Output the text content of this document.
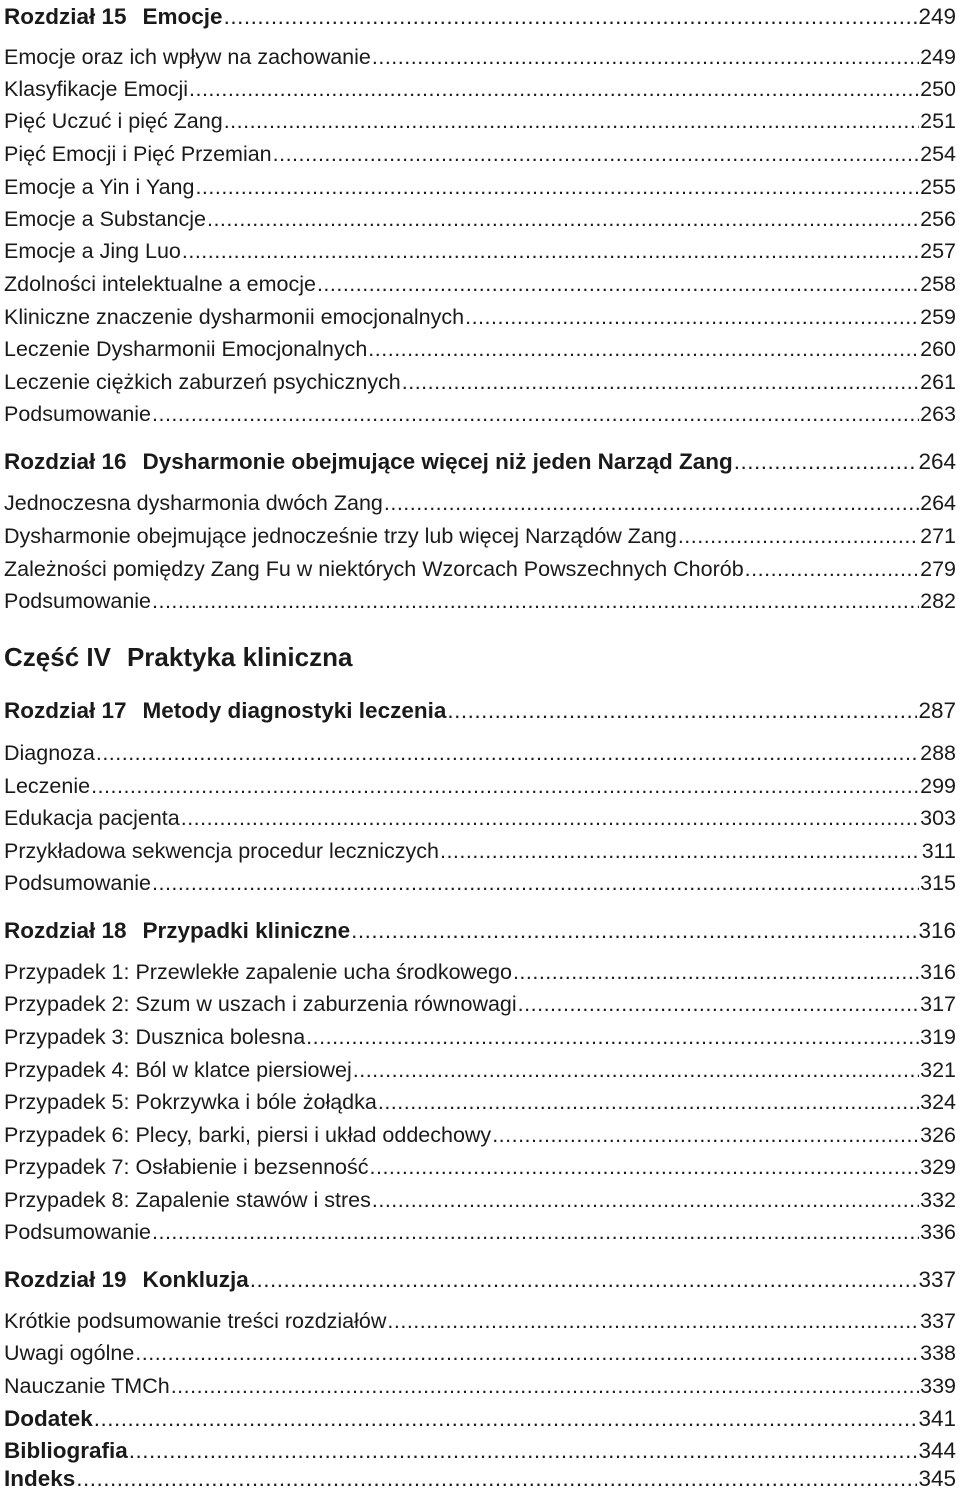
Rozdział 15 Emocje .....	249
Emocje oraz ich wpływ na zachowanie .....	249
Klasyfikacje Emocji .....	250
Pięć Uczuć i pięć Zang .....	251
Pięć Emocji i Pięć Przemian .....	254
Emocje a Yin i Yang .....	255
Emocje a Substancje .....	256
Emocje a Jing Luo .....	257
Zdolności intelektualne a emocje .....	258
Kliniczne znaczenie dysharmonii emocjonalnych .....	259
Leczenie Dysharmonii Emocjonalnych .....	260
Leczenie ciężkich zaburzeń psychicznych .....	261
Podsumowanie .....	263
Rozdział 16 Dysharmonie obejmujące więcej niż jeden Narząd Zang .....	264
Jednoczesna dysharmonia dwóch Zang .....	264
Dysharmonie obejmujące jednocześnie trzy lub więcej Narządów Zang .....	271
Zależności pomiędzy Zang Fu w niektórych Wzorcach Powszechnych Chorób .....	279
Podsumowanie .....	282
Część IV Praktyka kliniczna
Rozdział 17 Metody diagnostyki leczenia .....	287
Diagnoza .....	288
Leczenie .....	299
Edukacja pacjenta .....	303
Przykładowa sekwencja procedur leczniczych .....	311
Podsumowanie .....	315
Rozdział 18 Przypadki kliniczne .....	316
Przypadek 1: Przewlekłe zapalenie ucha środkowego .....	316
Przypadek 2: Szum w uszach i zaburzenia równowagi .....	317
Przypadek 3: Dusznica bolesna .....	319
Przypadek 4: Ból w klatce piersiowej .....	321
Przypadek 5: Pokrzywka i bóle żołądka .....	324
Przypadek 6: Plecy, barki, piersi i układ oddechowy .....	326
Przypadek 7: Osłabienie i bezsenność .....	329
Przypadek 8: Zapalenie stawów i stres .....	332
Podsumowanie .....	336
Rozdział 19 Konkluzja .....	337
Krótkie podsumowanie treści rozdziałów .....	337
Uwagi ogólne .....	338
Nauczanie TMCh .....	339
Dodatek .....	341
Bibliografia .....	344
Indeks .....	345
